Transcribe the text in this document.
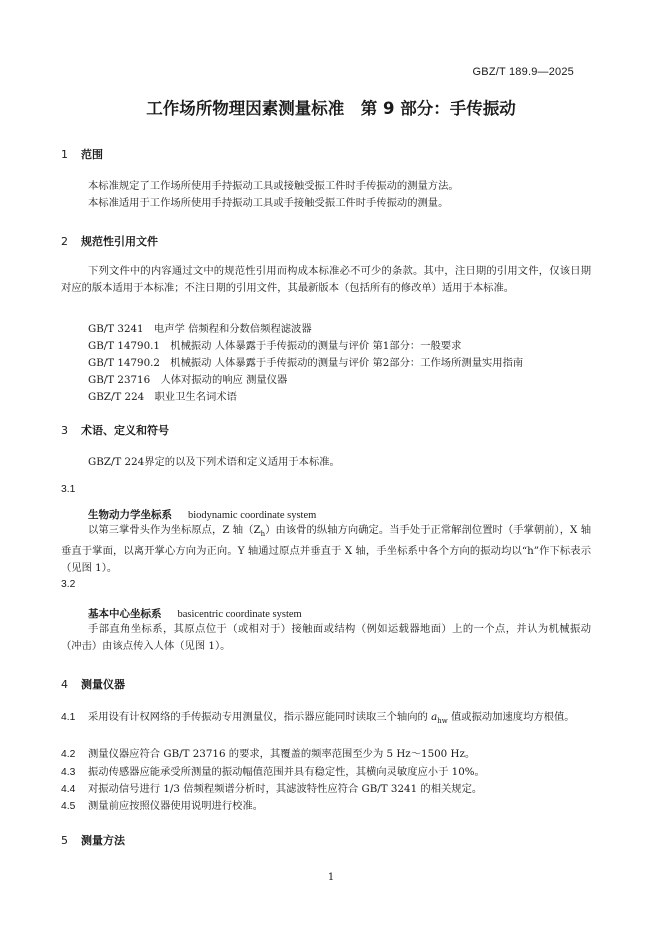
GBZ/T 189.9—2025
工作场所物理因素测量标准　第 9 部分：手传振动
1 范围
本标准规定了工作场所使用手持振动工具或接触受振工件时手传振动的测量方法。
本标准适用于工作场所使用手持振动工具或手接触受振工件时手传振动的测量。
2 规范性引用文件
下列文件中的内容通过文中的规范性引用而构成本标准必不可少的条款。其中，注日期的引用文件，仅该日期对应的版本适用于本标准；不注日期的引用文件，其最新版本（包括所有的修改单）适用于本标准。
GB/T 3241　电声学 倍频程和分数倍频程滤波器
GB/T 14790.1　机械振动 人体暴露于手传振动的测量与评价 第1部分：一般要求
GB/T 14790.2　机械振动 人体暴露于手传振动的测量与评价 第2部分：工作场所测量实用指南
GB/T 23716　人体对振动的响应 测量仪器
GBZ/T 224　职业卫生名词术语
3 术语、定义和符号
GBZ/T 224界定的以及下列术语和定义适用于本标准。
3.1
生物动力学坐标系 biodynamic coordinate system
以第三掌骨头作为坐标原点，Z 轴$(Z_h)$由该骨的纵轴方向确定。当手处于正常解剖位置时（手掌朝前），X 轴垂直于掌面，以离开掌心方向为正向。Y 轴通过原点并垂直于 X 轴，手坐标系中各个方向的振动均以“h”作下标表示（见图 1）。
3.2
基本中心坐标系 basicentric coordinate system
手部直角坐标系，其原点位于（或相对于）接触面或结构（例如运载器地面）上的一个点，并认为机械振动（冲击）由该点传入人体（见图 1）。
4 测量仪器
4.1 采用设有计权网络的手传振动专用测量仪，指示器应能同时读取三个轴向的 $a_{hw}$ 值或振动加速度均方根值。
4.2 测量仪器应符合 GB/T 23716 的要求，其覆盖的频率范围至少为 5 Hz～1500 Hz。
4.3 振动传感器应能承受所测量的振动幅值范围并具有稳定性，其横向灵敏度应小于 10%。
4.4 对振动信号进行 1/3 倍频程频谱分析时，其滤波特性应符合 GB/T 3241 的相关规定。
4.5 测量前应按照仪器使用说明进行校准。
5 测量方法
1
